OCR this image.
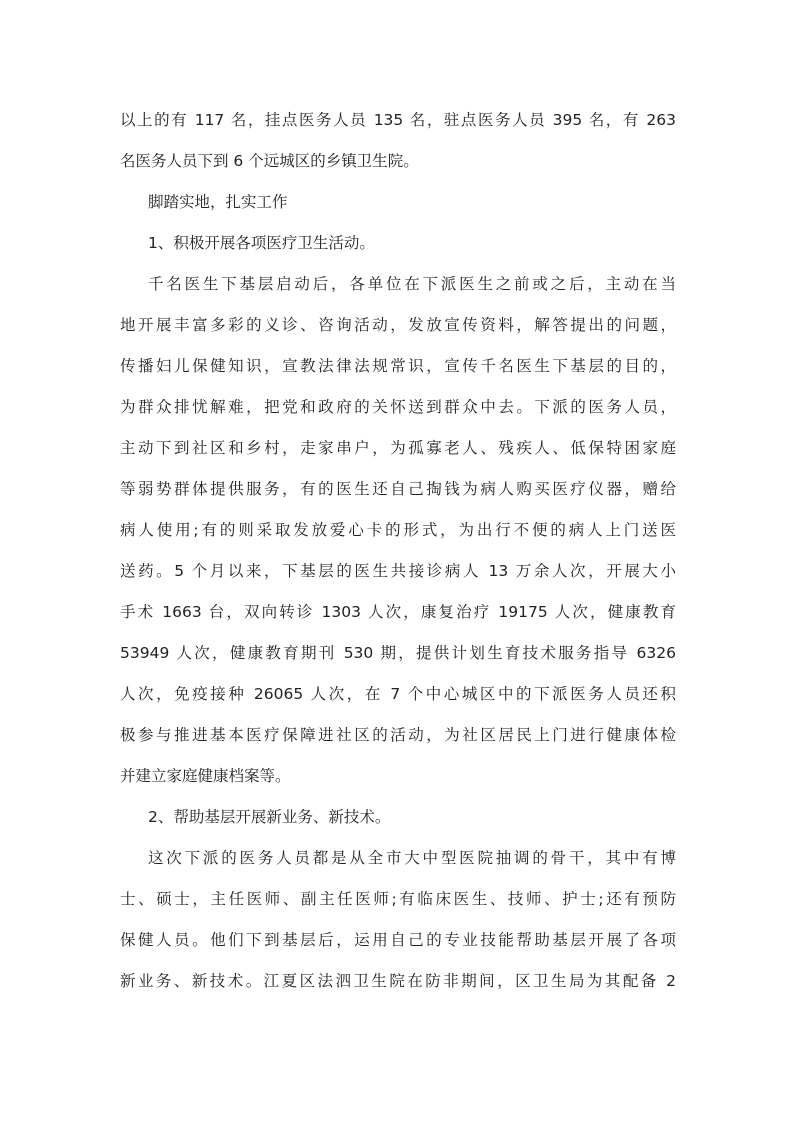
以上的有 117 名，挂点医务人员 135 名，驻点医务人员 395 名，有 263
名医务人员下到 6 个远城区的乡镇卫生院。
脚踏实地，扎实工作
1、积极开展各项医疗卫生活动。
千名医生下基层启动后，各单位在下派医生之前或之后，主动在当
地开展丰富多彩的义诊、咨询活动，发放宣传资料，解答提出的问题，
传播妇儿保健知识，宣教法律法规常识，宣传千名医生下基层的目的，
为群众排忧解难，把党和政府的关怀送到群众中去。下派的医务人员，
主动下到社区和乡村，走家串户，为孤寡老人、残疾人、低保特困家庭
等弱势群体提供服务，有的医生还自己掏钱为病人购买医疗仪器，赠给
病人使用;有的则采取发放爱心卡的形式，为出行不便的病人上门送医
送药。5 个月以来，下基层的医生共接诊病人 13 万余人次，开展大小
手术 1663 台，双向转诊 1303 人次，康复治疗 19175 人次，健康教育
53949 人次，健康教育期刊 530 期，提供计划生育技术服务指导 6326
人次，免疫接种 26065 人次，在 7 个中心城区中的下派医务人员还积
极参与推进基本医疗保障进社区的活动，为社区居民上门进行健康体检
并建立家庭健康档案等。
2、帮助基层开展新业务、新技术。
这次下派的医务人员都是从全市大中型医院抽调的骨干，其中有博
士、硕士，主任医师、副主任医师;有临床医生、技师、护士;还有预防
保健人员。他们下到基层后，运用自己的专业技能帮助基层开展了各项
新业务、新技术。江夏区法泗卫生院在防非期间，区卫生局为其配备 2
